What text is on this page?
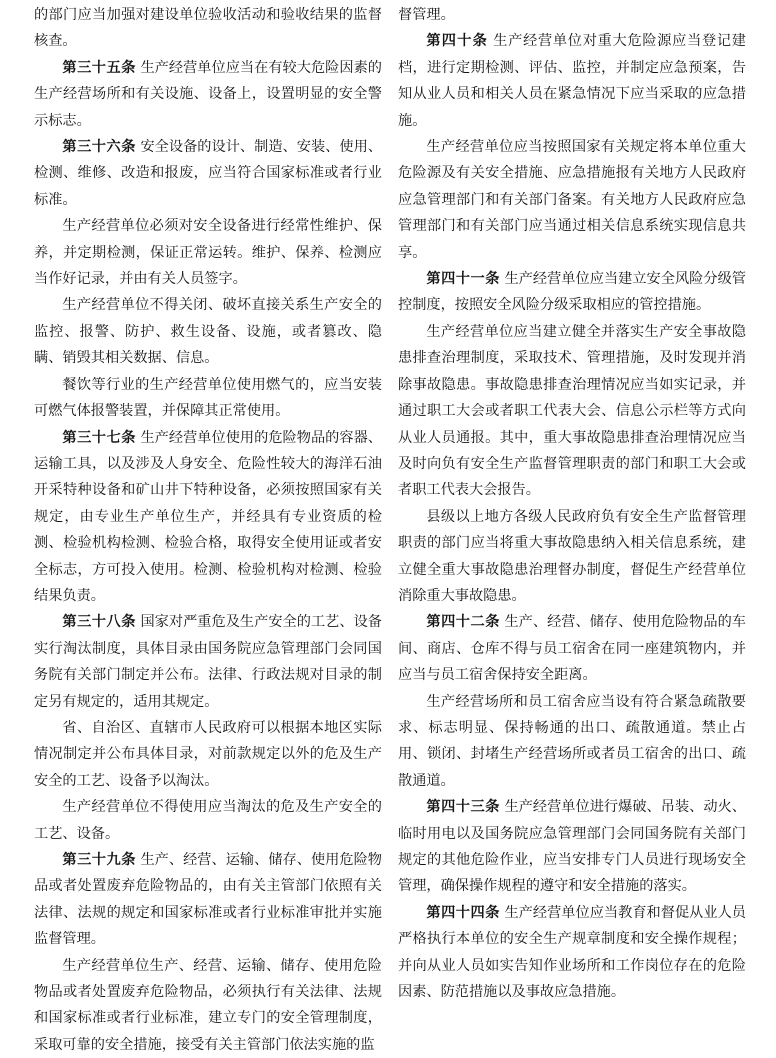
的部门应当加强对建设单位验收活动和验收结果的监督核查。

第三十五条 生产经营单位应当在有较大危险因素的生产经营场所和有关设施、设备上，设置明显的安全警示标志。

第三十六条 安全设备的设计、制造、安装、使用、检测、维修、改造和报废，应当符合国家标准或者行业标准。

生产经营单位必须对安全设备进行经常性维护、保养，并定期检测，保证正常运转。维护、保养、检测应当作好记录，并由有关人员签字。

生产经营单位不得关闭、破坏直接关系生产安全的监控、报警、防护、救生设备、设施，或者篡改、隐瞒、销毁其相关数据、信息。

餐饮等行业的生产经营单位使用燃气的，应当安装可燃气体报警装置，并保障其正常使用。

第三十七条 生产经营单位使用的危险物品的容器、运输工具，以及涉及人身安全、危险性较大的海洋石油开采特种设备和矿山井下特种设备，必须按照国家有关规定，由专业生产单位生产，并经具有专业资质的检测、检验机构检测、检验合格，取得安全使用证或者安全标志，方可投入使用。检测、检验机构对检测、检验结果负责。

第三十八条 国家对严重危及生产安全的工艺、设备实行淘汰制度，具体目录由国务院应急管理部门会同国务院有关部门制定并公布。法律、行政法规对目录的制定另有规定的，适用其规定。

省、自治区、直辖市人民政府可以根据本地区实际情况制定并公布具体目录，对前款规定以外的危及生产安全的工艺、设备予以淘汰。

生产经营单位不得使用应当淘汰的危及生产安全的工艺、设备。

第三十九条 生产、经营、运输、储存、使用危险物品或者处置废弃危险物品的，由有关主管部门依照有关法律、法规的规定和国家标准或者行业标准审批并实施监督管理。

生产经营单位生产、经营、运输、储存、使用危险物品或者处置废弃危险物品，必须执行有关法律、法规和国家标准或者行业标准，建立专门的安全管理制度，采取可靠的安全措施，接受有关主管部门依法实施的监

督管理。

第四十条 生产经营单位对重大危险源应当登记建档，进行定期检测、评估、监控，并制定应急预案，告知从业人员和相关人员在紧急情况下应当采取的应急措施。

生产经营单位应当按照国家有关规定将本单位重大危险源及有关安全措施、应急措施报有关地方人民政府应急管理部门和有关部门备案。有关地方人民政府应急管理部门和有关部门应当通过相关信息系统实现信息共享。

第四十一条 生产经营单位应当建立安全风险分级管控制度，按照安全风险分级采取相应的管控措施。

生产经营单位应当建立健全并落实生产安全事故隐患排查治理制度，采取技术、管理措施，及时发现并消除事故隐患。事故隐患排查治理情况应当如实记录，并通过职工大会或者职工代表大会、信息公示栏等方式向从业人员通报。其中，重大事故隐患排查治理情况应当及时向负有安全生产监督管理职责的部门和职工大会或者职工代表大会报告。

县级以上地方各级人民政府负有安全生产监督管理职责的部门应当将重大事故隐患纳入相关信息系统，建立健全重大事故隐患治理督办制度，督促生产经营单位消除重大事故隐患。

第四十二条 生产、经营、储存、使用危险物品的车间、商店、仓库不得与员工宿舍在同一座建筑物内，并应当与员工宿舍保持安全距离。

生产经营场所和员工宿舍应当设有符合紧急疏散要求、标志明显、保持畅通的出口、疏散通道。禁止占用、锁闭、封堵生产经营场所或者员工宿舍的出口、疏散通道。

第四十三条 生产经营单位进行爆破、吊装、动火、临时用电以及国务院应急管理部门会同国务院有关部门规定的其他危险作业，应当安排专门人员进行现场安全管理，确保操作规程的遵守和安全措施的落实。

第四十四条 生产经营单位应当教育和督促从业人员严格执行本单位的安全生产规章制度和安全操作规程；并向从业人员如实告知作业场所和工作岗位存在的危险因素、防范措施以及事故应急措施。
